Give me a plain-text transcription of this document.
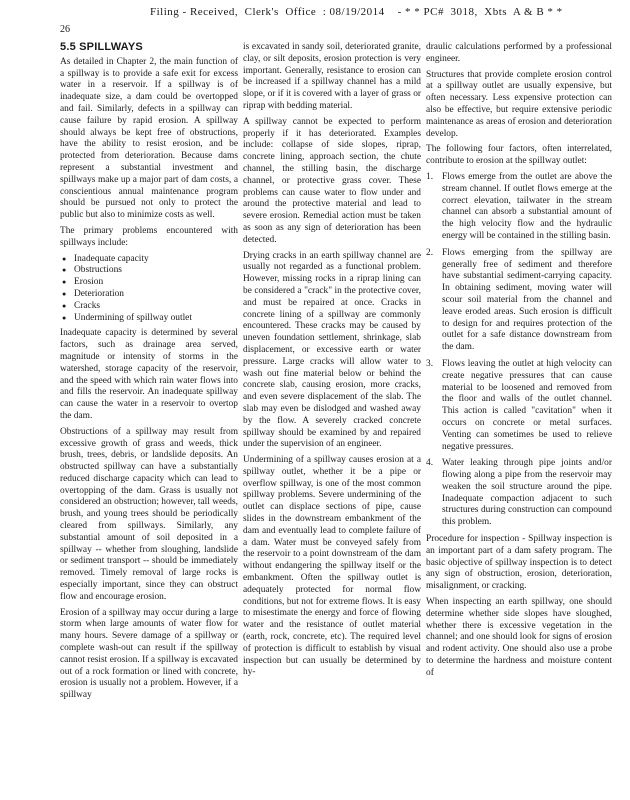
Filing - Received,  Clerk's  Office  : 08/19/2014    - * * PC#  3018,  Xbts  A & B * *
26
5.5 SPILLWAYS

As detailed in Chapter 2, the main function of a spillway is to provide a safe exit for excess water in a reservoir. If a spillway is of inadequate size, a dam could be overtopped and fail. Similarly, defects in a spillway can cause failure by rapid erosion. A spillway should always be kept free of obstructions, have the ability to resist erosion, and be protected from deterioration. Because dams represent a substantial investment and spillways make up a major part of dam costs, a conscientious annual maintenance program should be pursued not only to protect the public but also to minimize costs as well.

The primary problems encountered with spillways include:

● Inadequate capacity
● Obstructions
● Erosion
● Deterioration
● Cracks
● Undermining of spillway outlet

Inadequate capacity is determined by several factors, such as drainage area served, magnitude or intensity of storms in the watershed, storage capacity of the reservoir, and the speed with which rain water flows into and fills the reservoir. An inadequate spillway can cause the water in a reservoir to overtop the dam.

Obstructions of a spillway may result from excessive growth of grass and weeds, thick brush, trees, debris, or landslide deposits. An obstructed spillway can have a substantially reduced discharge capacity which can lead to overtopping of the dam. Grass is usually not considered an obstruction; however, tall weeds, brush, and young trees should be periodically cleared from spillways. Similarly, any substantial amount of soil deposited in a spillway -- whether from sloughing, landslide or sediment transport -- should be immediately removed. Timely removal of large rocks is especially important, since they can obstruct flow and encourage erosion.

Erosion of a spillway may occur during a large storm when large amounts of water flow for many hours. Severe damage of a spillway or complete wash-out can result if the spillway cannot resist erosion. If a spillway is excavated out of a rock formation or lined with concrete, erosion is usually not a problem. However, if a spillway

is excavated in sandy soil, deteriorated granite, clay, or silt deposits, erosion protection is very important. Generally, resistance to erosion can be increased if a spillway channel has a mild slope, or if it is covered with a layer of grass or riprap with bedding material.

A spillway cannot be expected to perform properly if it has deteriorated. Examples include: collapse of side slopes, riprap, concrete lining, approach section, the chute channel, the stilling basin, the discharge channel, or protective grass cover. These problems can cause water to flow under and around the protective material and lead to severe erosion. Remedial action must be taken as soon as any sign of deterioration has been detected.

Drying cracks in an earth spillway channel are usually not regarded as a functional problem. However, missing rocks in a riprap lining can be considered a "crack" in the protective cover, and must be repaired at once. Cracks in concrete lining of a spillway are commonly encountered. These cracks may be caused by uneven foundation settlement, shrinkage, slab displacement, or excessive earth or water pressure. Large cracks will allow water to wash out fine material below or behind the concrete slab, causing erosion, more cracks, and even severe displacement of the slab. The slab may even be dislodged and washed away by the flow. A severely cracked concrete spillway should be examined by and repaired under the supervision of an engineer.

Undermining of a spillway causes erosion at a spillway outlet, whether it be a pipe or overflow spillway, is one of the most common spillway problems. Severe undermining of the outlet can displace sections of pipe, cause slides in the downstream embankment of the dam and eventually lead to complete failure of a dam. Water must be conveyed safely from the reservoir to a point downstream of the dam without endangering the spillway itself or the embankment. Often the spillway outlet is adequately protected for normal flow conditions, but not for extreme flows. It is easy to misestimate the energy and force of flowing water and the resistance of outlet material (earth, rock, concrete, etc). The required level of protection is difficult to establish by visual inspection but can usually be determined by hy-

draulic calculations performed by a professional engineer.

Structures that provide complete erosion control at a spillway outlet are usually expensive, but often necessary. Less expensive protection can also be effective, but require extensive periodic maintenance as areas of erosion and deterioration develop.

The following four factors, often interrelated, contribute to erosion at the spillway outlet:

1. Flows emerge from the outlet are above the stream channel. If outlet flows emerge at the correct elevation, tailwater in the stream channel can absorb a substantial amount of the high velocity flow and the hydraulic energy will be contained in the stilling basin.
2. Flows emerging from the spillway are generally free of sediment and therefore have substantial sediment-carrying capacity. In obtaining sediment, moving water will scour soil material from the channel and leave eroded areas. Such erosion is difficult to design for and requires protection of the outlet for a safe distance downstream from the dam.
3. Flows leaving the outlet at high velocity can create negative pressures that can cause material to be loosened and removed from the floor and walls of the outlet channel. This action is called "cavitation" when it occurs on concrete or metal surfaces. Venting can sometimes be used to relieve negative pressures.
4. Water leaking through pipe joints and/or flowing along a pipe from the reservoir may weaken the soil structure around the pipe. Inadequate compaction adjacent to such structures during construction can compound this problem.

Procedure for inspection - Spillway inspection is an important part of a dam safety program. The basic objective of spillway inspection is to detect any sign of obstruction, erosion, deterioration, misalignment, or cracking.

When inspecting an earth spillway, one should determine whether side slopes have sloughed, whether there is excessive vegetation in the channel; and one should look for signs of erosion and rodent activity. One should also use a probe to determine the hardness and moisture content of
